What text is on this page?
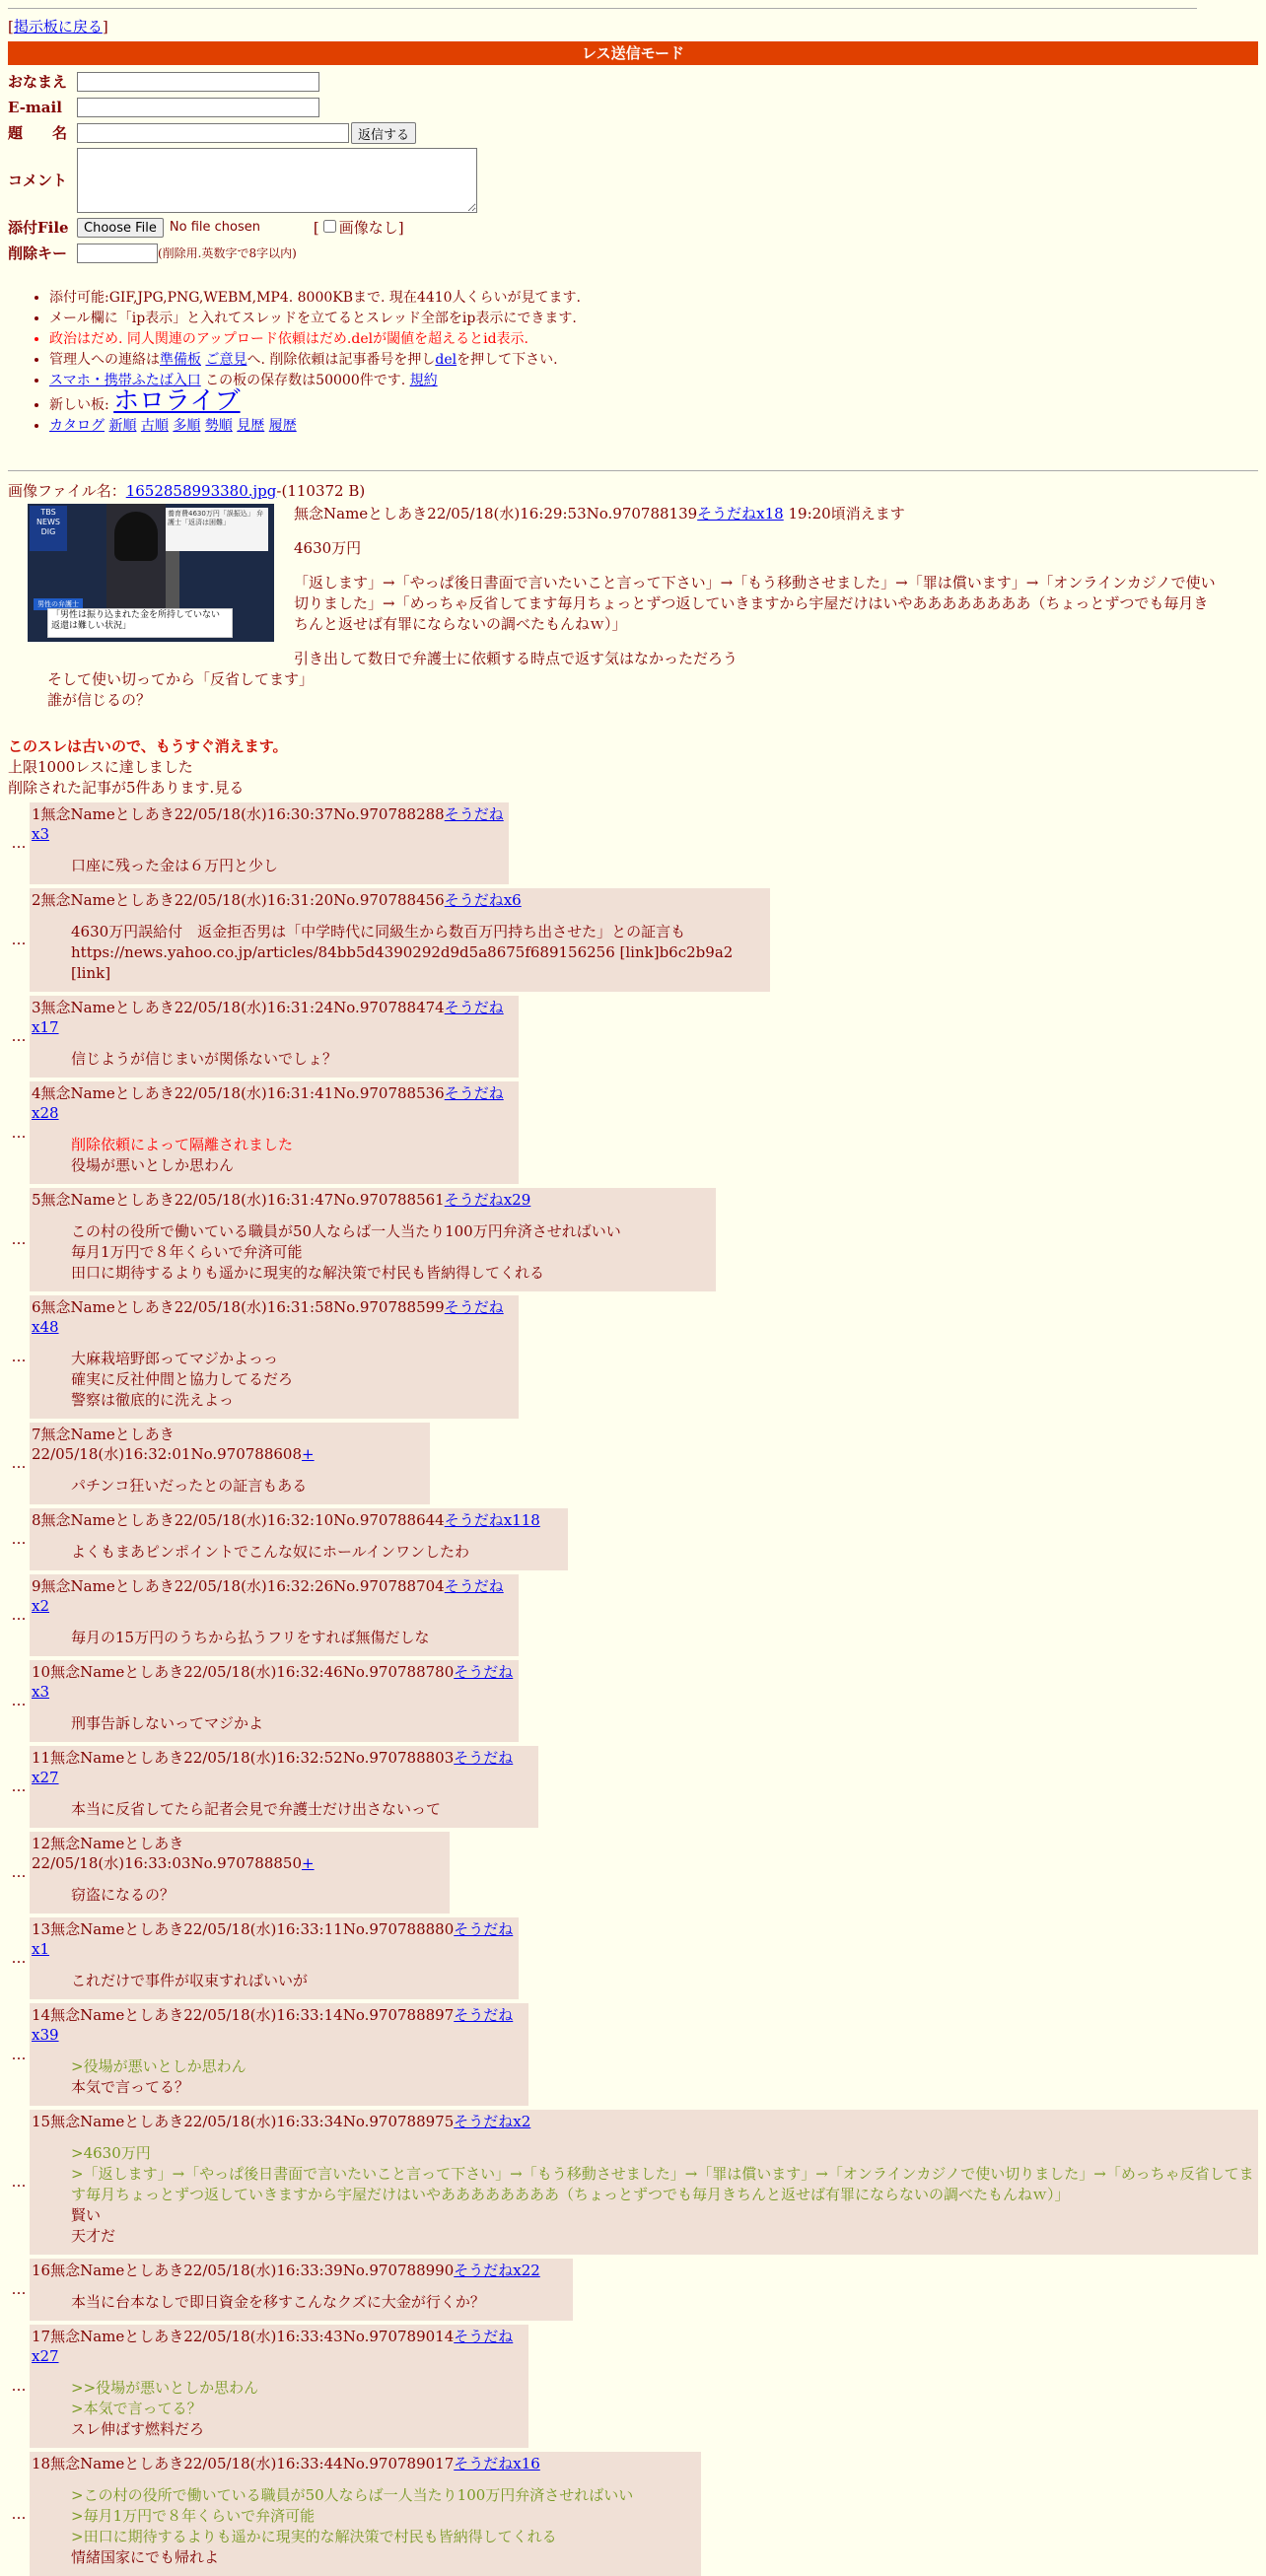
[掲示板に戻る]
レス送信モード
おなまえ
E-mail
題　　名	返信する
コメント
添付File	Choose File	No file chosen	[ 画像なし]
削除キー	(削除用.英数字で8字以内)
• 添付可能:GIF,JPG,PNG,WEBM,MP4. 8000KBまで. 現在4410人くらいが見てます.
• メール欄に「ip表示」と入れてスレッドを立てるとスレッド全部をip表示にできます.
• 政治はだめ. 同人関連のアップロード依頼はだめ.delが閾値を超えるとid表示.
• 管理人への連絡は準備板 ご意見へ. 削除依頼は記事番号を押しdelを押して下さい.
• スマホ・携帯ふたば入口 この板の保存数は50000件です. 規約
• 新しい板: ホロライブ
• カタログ 新順 古順 多順 勢順 見歴 履歴
画像ファイル名：1652858993380.jpg-(110372 B)
TBS NEWS DIG
養育費4630万円「誤振込」 弁護士「返済は困難」
男性の弁護士
「男性は振り込まれた金を所持していない 返還は難しい状況」
無念Nameとしあき22/05/18(水)16:29:53No.970788139そうだねx18 19:20頃消えます

4630万円

「返します」→「やっぱ後日書面で言いたいこと言って下さい」→「もう移動させました」→「罪は償います」→「オンラインカジノで使い切りました」→「めっちゃ反省してます毎月ちょっとずつ返していきますから宇屋だけはいやああああああああ（ちょっとずつでも毎月きちんと返せば有罪にならないの調べたもんねｗ）」

引き出して数日で弁護士に依頼する時点で返す気はなかっただろう

そして使い切ってから「反省してます」
誰が信じるの？
このスレは古いので、もうすぐ消えます。
上限1000レスに達しました
削除された記事が5件あります.見る
…
1無念Nameとしあき22/05/18(水)16:30:37No.970788288そうだねx3
口座に残った金は６万円と少し
…
2無念Nameとしあき22/05/18(水)16:31:20No.970788456そうだねx6
4630万円誤給付　返金拒否男は「中学時代に同級生から数百万円持ち出させた」との証言も
https://news.yahoo.co.jp/articles/84bb5d4390292d9d5a8675f689156256 [link]b6c2b9a2 [link]
…
3無念Nameとしあき22/05/18(水)16:31:24No.970788474そうだねx17
信じようが信じまいが関係ないでしょ？
…
4無念Nameとしあき22/05/18(水)16:31:41No.970788536そうだねx28
削除依頼によって隔離されました
役場が悪いとしか思わん
…
5無念Nameとしあき22/05/18(水)16:31:47No.970788561そうだねx29
この村の役所で働いている職員が50人ならば一人当たり100万円弁済させればいい
毎月1万円で８年くらいで弁済可能
田口に期待するよりも遥かに現実的な解決策で村民も皆納得してくれる
…
6無念Nameとしあき22/05/18(水)16:31:58No.970788599そうだねx48
大麻栽培野郎ってマジかよっっ
確実に反社仲間と協力してるだろ
警察は徹底的に洗えよっ
…
7無念Nameとしあき22/05/18(水)16:32:01No.970788608+
パチンコ狂いだったとの証言もある
…
8無念Nameとしあき22/05/18(水)16:32:10No.970788644そうだねx118
よくもまあピンポイントでこんな奴にホールインワンしたわ
…
9無念Nameとしあき22/05/18(水)16:32:26No.970788704そうだねx2
毎月の15万円のうちから払うフリをすれば無傷だしな
…
10無念Nameとしあき22/05/18(水)16:32:46No.970788780そうだねx3
刑事告訴しないってマジかよ
…
11無念Nameとしあき22/05/18(水)16:32:52No.970788803そうだねx27
本当に反省してたら記者会見で弁護士だけ出さないって
…
12無念Nameとしあき22/05/18(水)16:33:03No.970788850+
窃盗になるの？
…
13無念Nameとしあき22/05/18(水)16:33:11No.970788880そうだねx1
これだけで事件が収束すればいいが
…
14無念Nameとしあき22/05/18(水)16:33:14No.970788897そうだねx39
>役場が悪いとしか思わん
本気で言ってる？
…
15無念Nameとしあき22/05/18(水)16:33:34No.970788975そうだねx2
>4630万円
>「返します」→「やっぱ後日書面で言いたいこと言って下さい」→「もう移動させました」→「罪は償います」→「オンラインカジノで使い切りました」→「めっちゃ反省してます毎月ちょっとずつ返していきますから宇屋だけはいやああああああああ（ちょっとずつでも毎月きちんと返せば有罪にならないの調べたもんねｗ）」
賢い
天才だ
…
16無念Nameとしあき22/05/18(水)16:33:39No.970788990そうだねx22
本当に台本なしで即日資金を移すこんなクズに大金が行くか？
…
17無念Nameとしあき22/05/18(水)16:33:43No.970789014そうだねx27
>>役場が悪いとしか思わん
>本気で言ってる？
スレ伸ばす燃料だろ
…
18無念Nameとしあき22/05/18(水)16:33:44No.970789017そうだねx16
>この村の役所で働いている職員が50人ならば一人当たり100万円弁済させればいい
>毎月1万円で８年くらいで弁済可能
>田口に期待するよりも遥かに現実的な解決策で村民も皆納得してくれる
情緒国家にでも帰れよ
